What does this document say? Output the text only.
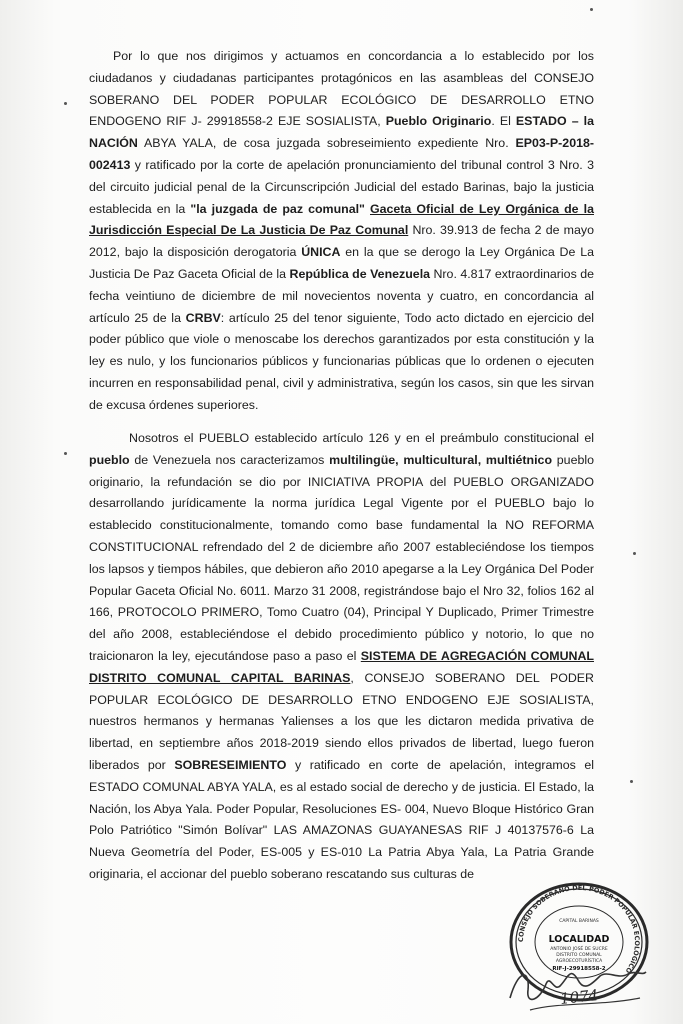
Por lo que nos dirigimos y actuamos en concordancia a lo establecido por los ciudadanos y ciudadanas participantes protagónicos en las asambleas del CONSEJO SOBERANO DEL PODER POPULAR ECOLÓGICO DE DESARROLLO ETNO ENDOGENO RIF J- 29918558-2 EJE SOSIALISTA, Pueblo Originario. El ESTADO – la NACIÓN ABYA YALA, de cosa juzgada sobreseimiento expediente Nro. EP03-P-2018-002413 y ratificado por la corte de apelación pronunciamiento del tribunal control 3 Nro. 3 del circuito judicial penal de la Circunscripción Judicial del estado Barinas, bajo la justicia establecida en la "la juzgada de paz comunal" Gaceta Oficial de Ley Orgánica de la Jurisdicción Especial De La Justicia De Paz Comunal Nro. 39.913 de fecha 2 de mayo 2012, bajo la disposición derogatoria ÚNICA en la que se derogo la Ley Orgánica De La Justicia De Paz Gaceta Oficial de la República de Venezuela Nro. 4.817 extraordinarios de fecha veintiuno de diciembre de mil novecientos noventa y cuatro, en concordancia al artículo 25 de la CRBV: artículo 25 del tenor siguiente, Todo acto dictado en ejercicio del poder público que viole o menoscabe los derechos garantizados por esta constitución y la ley es nulo, y los funcionarios públicos y funcionarias públicas que lo ordenen o ejecuten incurren en responsabilidad penal, civil y administrativa, según los casos, sin que les sirvan de excusa órdenes superiores.

Nosotros el PUEBLO establecido artículo 126 y en el preámbulo constitucional el pueblo de Venezuela nos caracterizamos multilingüe, multicultural, multiétnico pueblo originario, la refundación se dio por INICIATIVA PROPIA del PUEBLO ORGANIZADO desarrollando jurídicamente la norma jurídica Legal Vigente por el PUEBLO bajo lo establecido constitucionalmente, tomando como base fundamental la NO REFORMA CONSTITUCIONAL refrendado del 2 de diciembre año 2007 estableciéndose los tiempos los lapsos y tiempos hábiles, que debieron año 2010 apegarse a la Ley Orgánica Del Poder Popular Gaceta Oficial No. 6011. Marzo 31 2008, registrándose bajo el Nro 32, folios 162 al 166, PROTOCOLO PRIMERO, Tomo Cuatro (04), Principal Y Duplicado, Primer Trimestre del año 2008, estableciéndose el debido procedimiento público y notorio, lo que no traicionaron la ley, ejecutándose paso a paso el SISTEMA DE AGREGACIÓN COMUNAL DISTRITO COMUNAL CAPITAL BARINAS, CONSEJO SOBERANO DEL PODER POPULAR ECOLÓGICO DE DESARROLLO ETNO ENDOGENO EJE SOSIALISTA, nuestros hermanos y hermanas Yalienses a los que les dictaron medida privativa de libertad, en septiembre años 2018-2019 siendo ellos privados de libertad, luego fueron liberados por SOBRESEIMIENTO y ratificado en corte de apelación, integramos el ESTADO COMUNAL ABYA YALA, es al estado social de derecho y de justicia. El Estado, la Nación, los Abya Yala. Poder Popular, Resoluciones ES- 004, Nuevo Bloque Histórico Gran Polo Patriótico "Simón Bolívar" LAS AMAZONAS GUAYANESAS RIF J 40137576-6 La Nueva Geometría del Poder, ES-005 y ES-010 La Patria Abya Yala, La Patria Grande originaria, el accionar del pueblo soberano rescatando sus culturas de

CONSEJO SOBERANO DEL PODER POPULAR ECOLÓGICO
CAPITAL BARINAS
LOCALIDAD
ANTONIO JOSÉ DE SUCRE
DISTRITO COMUNAL
AGROECOTURÍSTICA
RIF-J-29918558-2
1074
